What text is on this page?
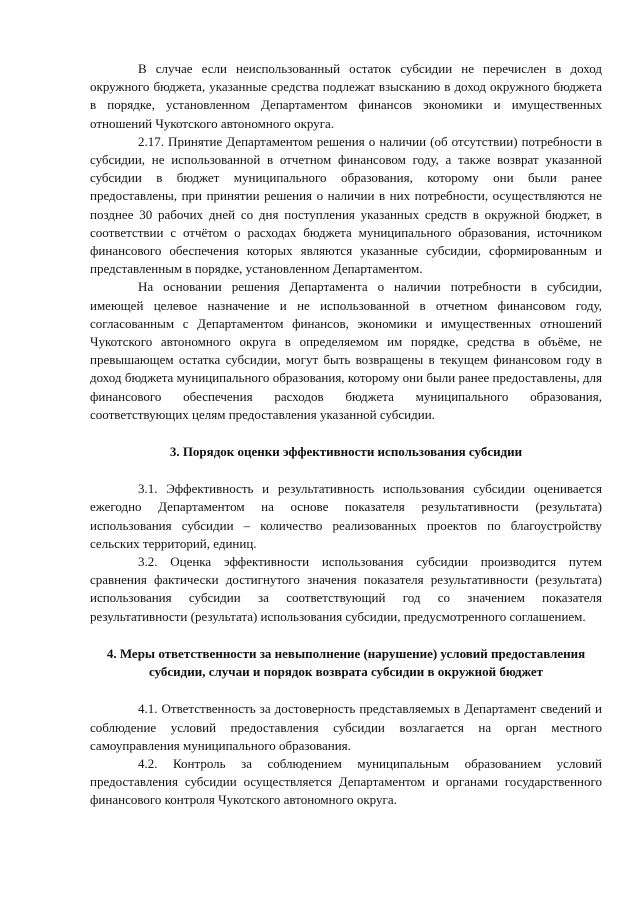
В случае если неиспользованный остаток субсидии не перечислен в доход окружного бюджета, указанные средства подлежат взысканию в доход окружного бюджета в порядке, установленном Департаментом финансов экономики и имущественных отношений Чукотского автономного округа.

2.17. Принятие Департаментом решения о наличии (об отсутствии) потребности в субсидии, не использованной в отчетном финансовом году, а также возврат указанной субсидии в бюджет муниципального образования, которому они были ранее предоставлены, при принятии решения о наличии в них потребности, осуществляются не позднее 30 рабочих дней со дня поступления указанных средств в окружной бюджет, в соответствии с отчётом о расходах бюджета муниципального образования, источником финансового обеспечения которых являются указанные субсидии, сформированным и представленным в порядке, установленном Департаментом.

На основании решения Департамента о наличии потребности в субсидии, имеющей целевое назначение и не использованной в отчетном финансовом году, согласованным с Департаментом финансов, экономики и имущественных отношений Чукотского автономного округа в определяемом им порядке, средства в объёме, не превышающем остатка субсидии, могут быть возвращены в текущем финансовом году в доход бюджета муниципального образования, которому они были ранее предоставлены, для финансового обеспечения расходов бюджета муниципального образования, соответствующих целям предоставления указанной субсидии.

3. Порядок оценки эффективности использования субсидии

3.1. Эффективность и результативность использования субсидии оценивается ежегодно Департаментом на основе показателя результативности (результата) использования субсидии – количество реализованных проектов по благоустройству сельских территорий, единиц.

3.2. Оценка эффективности использования субсидии производится путем сравнения фактически достигнутого значения показателя результативности (результата) использования субсидии за соответствующий год со значением показателя результативности (результата) использования субсидии, предусмотренного соглашением.

4. Меры ответственности за невыполнение (нарушение) условий предоставления субсидии, случаи и порядок возврата субсидии в окружной бюджет

4.1. Ответственность за достоверность представляемых в Департамент сведений и соблюдение условий предоставления субсидии возлагается на орган местного самоуправления муниципального образования.

4.2. Контроль за соблюдением муниципальным образованием условий предоставления субсидии осуществляется Департаментом и органами государственного финансового контроля Чукотского автономного округа.
